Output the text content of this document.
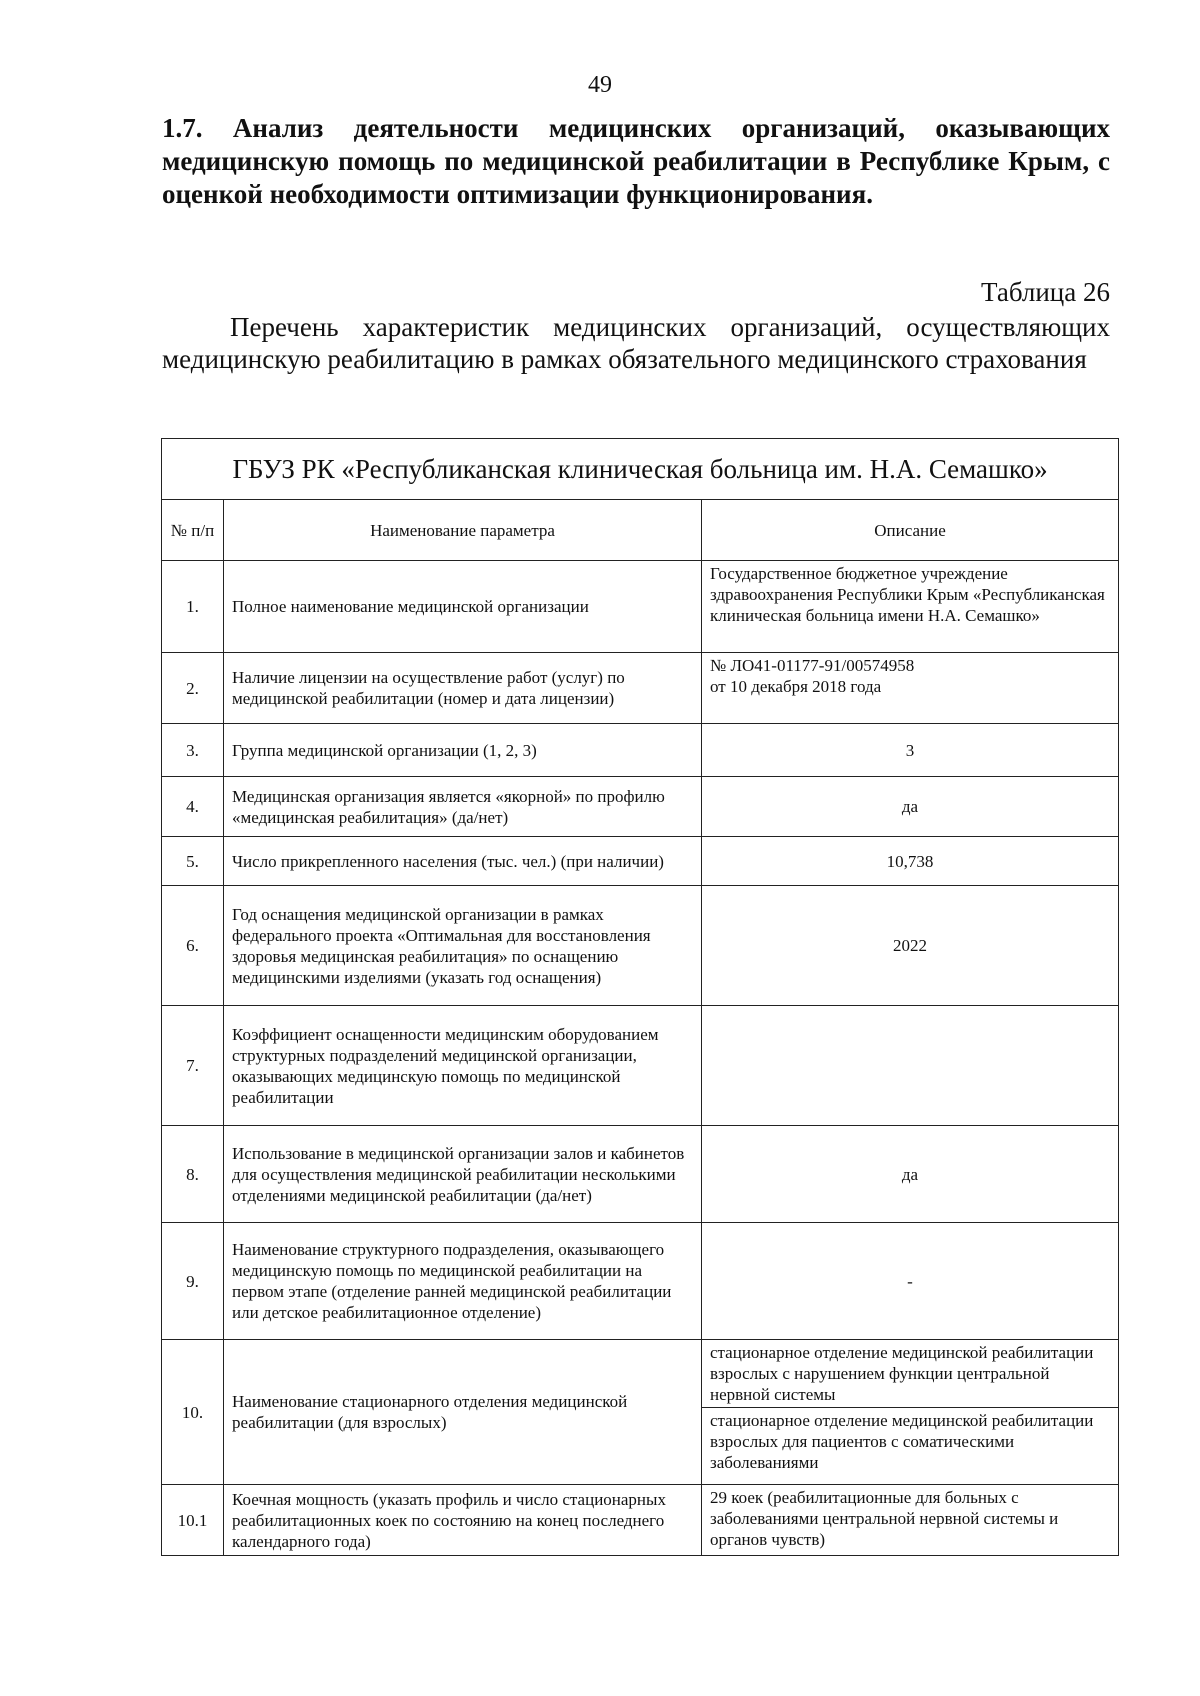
49
1.7. Анализ деятельности медицинских организаций, оказывающих медицинскую помощь по медицинской реабилитации в Республике Крым, с оценкой необходимости оптимизации функционирования.
Таблица 26
Перечень характеристик медицинских организаций, осуществляющих медицинскую реабилитацию в рамках обязательного медицинского страхования
ГБУЗ РК «Республиканская клиническая больница им. Н.А. Семашко»		
№ п/п	Наименование параметра	Описание
1.	Полное наименование медицинской организации	Государственное бюджетное учреждение здравоохранения Республики Крым «Республиканская клиническая больница имени Н.А. Семашко»
2.	Наличие лицензии на осуществление работ (услуг) по медицинской реабилитации (номер и дата лицензии)	№ ЛО41-01177-91/00574958
от 10 декабря 2018 года

3.	Группа медицинской организации (1, 2, 3)	3
4.	Медицинская организация является «якорной» по профилю «медицинская реабилитация» (да/нет)	да
5.	Число прикрепленного населения (тыс. чел.) (при наличии)	10,738
6.	Год оснащения медицинской организации в рамках федерального проекта «Оптимальная для восстановления здоровья медицинская реабилитация» по оснащению медицинскими изделиями (указать год оснащения)	2022
7.	Коэффициент оснащенности медицинским оборудованием структурных подразделений медицинской организации, оказывающих медицинскую помощь по медицинской реабилитации	
8.	Использование в медицинской организации залов и кабинетов для осуществления медицинской реабилитации несколькими отделениями медицинской реабилитации (да/нет)	да
9.	Наименование структурного подразделения, оказывающего медицинскую помощь по медицинской реабилитации на первом этапе (отделение ранней медицинской реабилитации или детское реабилитационное отделение)	-
10.	Наименование стационарного отделения медицинской реабилитации (для взрослых)	стационарное отделение медицинской реабилитации взрослых с нарушением функции центральной нервной системы
стационарное отделение медицинской реабилитации взрослых для пациентов с соматическими заболеваниями

10.1	Коечная мощность (указать профиль и число стационарных реабилитационных коек по состоянию на конец последнего календарного года)	29 коек (реабилитационные для больных с заболеваниями центральной нервной системы и органов чувств)
